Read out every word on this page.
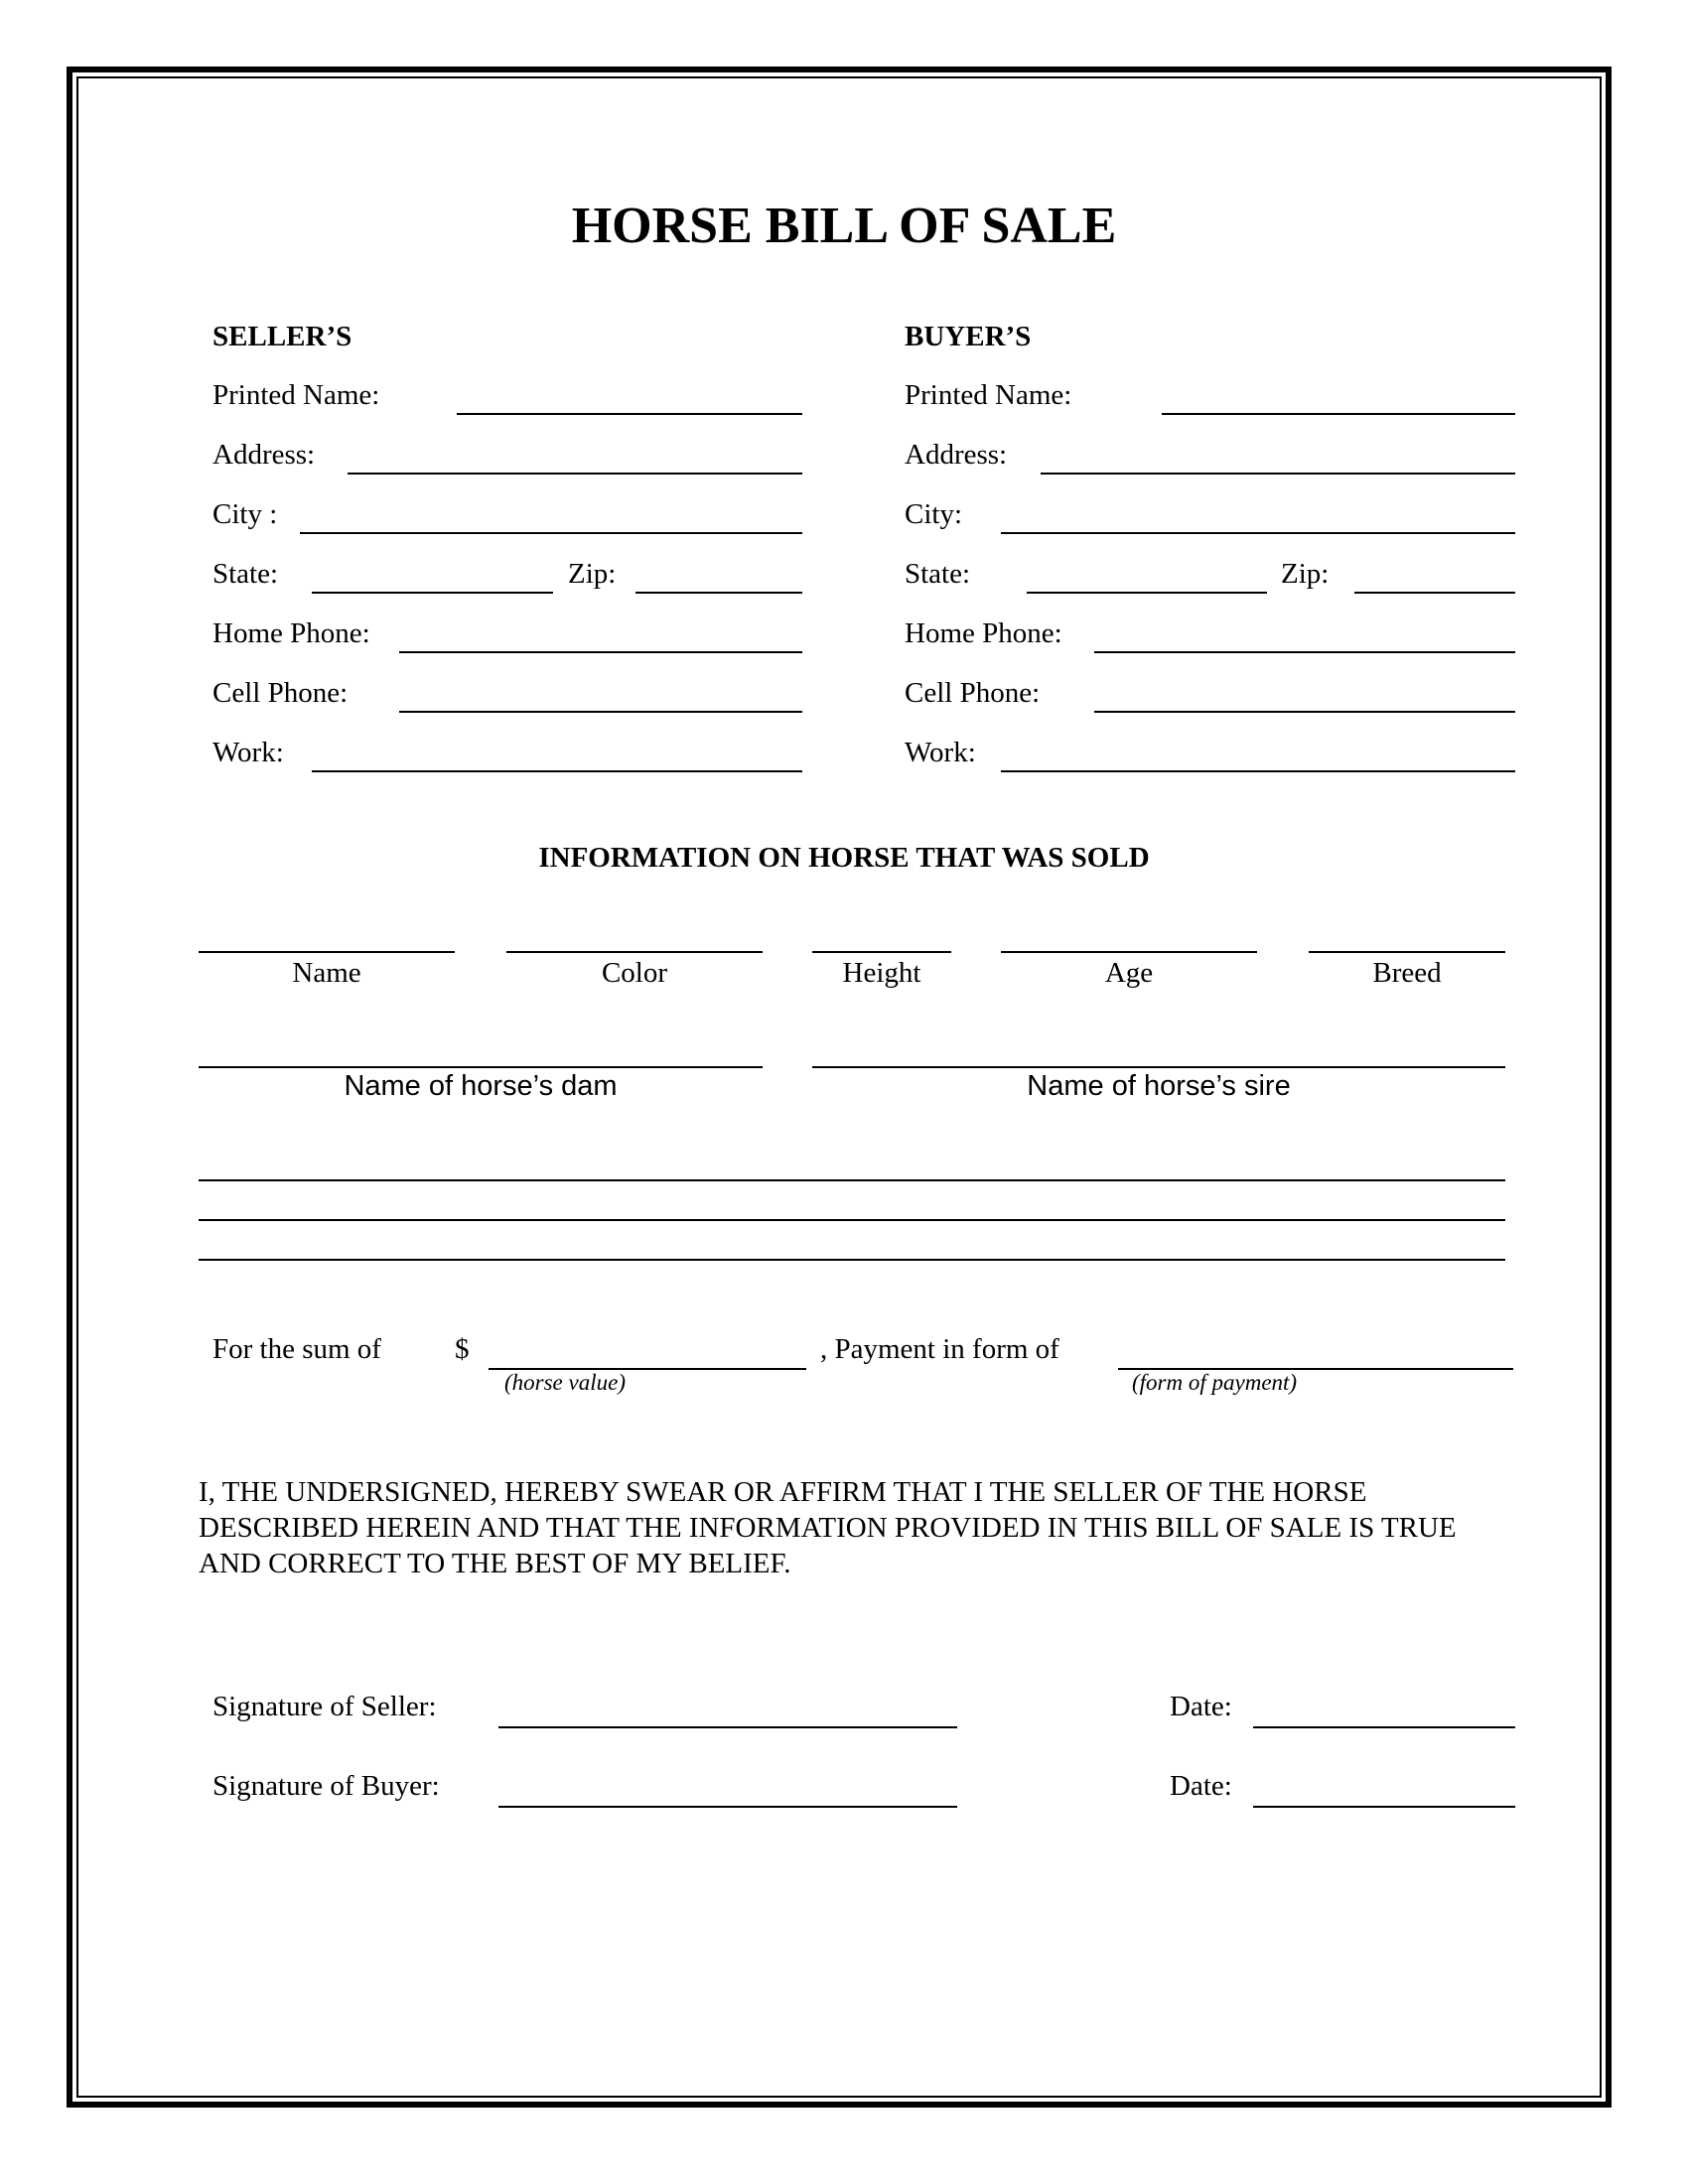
HORSE BILL OF SALE
SELLER’S
Printed Name:
Address:
City :
State:	Zip:
Home Phone:
Cell Phone:
Work:
BUYER’S
Printed Name:
Address:
City:
State:	Zip:
Home Phone:
Cell Phone:
Work:
INFORMATION ON HORSE THAT WAS SOLD
Name	Color	Height	Age	Breed
Name of horse’s dam	Name of horse’s sire
For the sum of	$
(horse value)
, Payment in form of
(form of payment)
I, THE UNDERSIGNED, HEREBY SWEAR OR AFFIRM THAT I THE SELLER OF THE HORSE DESCRIBED HEREIN AND THAT THE INFORMATION PROVIDED IN THIS BILL OF SALE IS TRUE AND CORRECT TO THE BEST OF MY BELIEF.
Signature of Seller:	Date:
Signature of Buyer:	Date:
